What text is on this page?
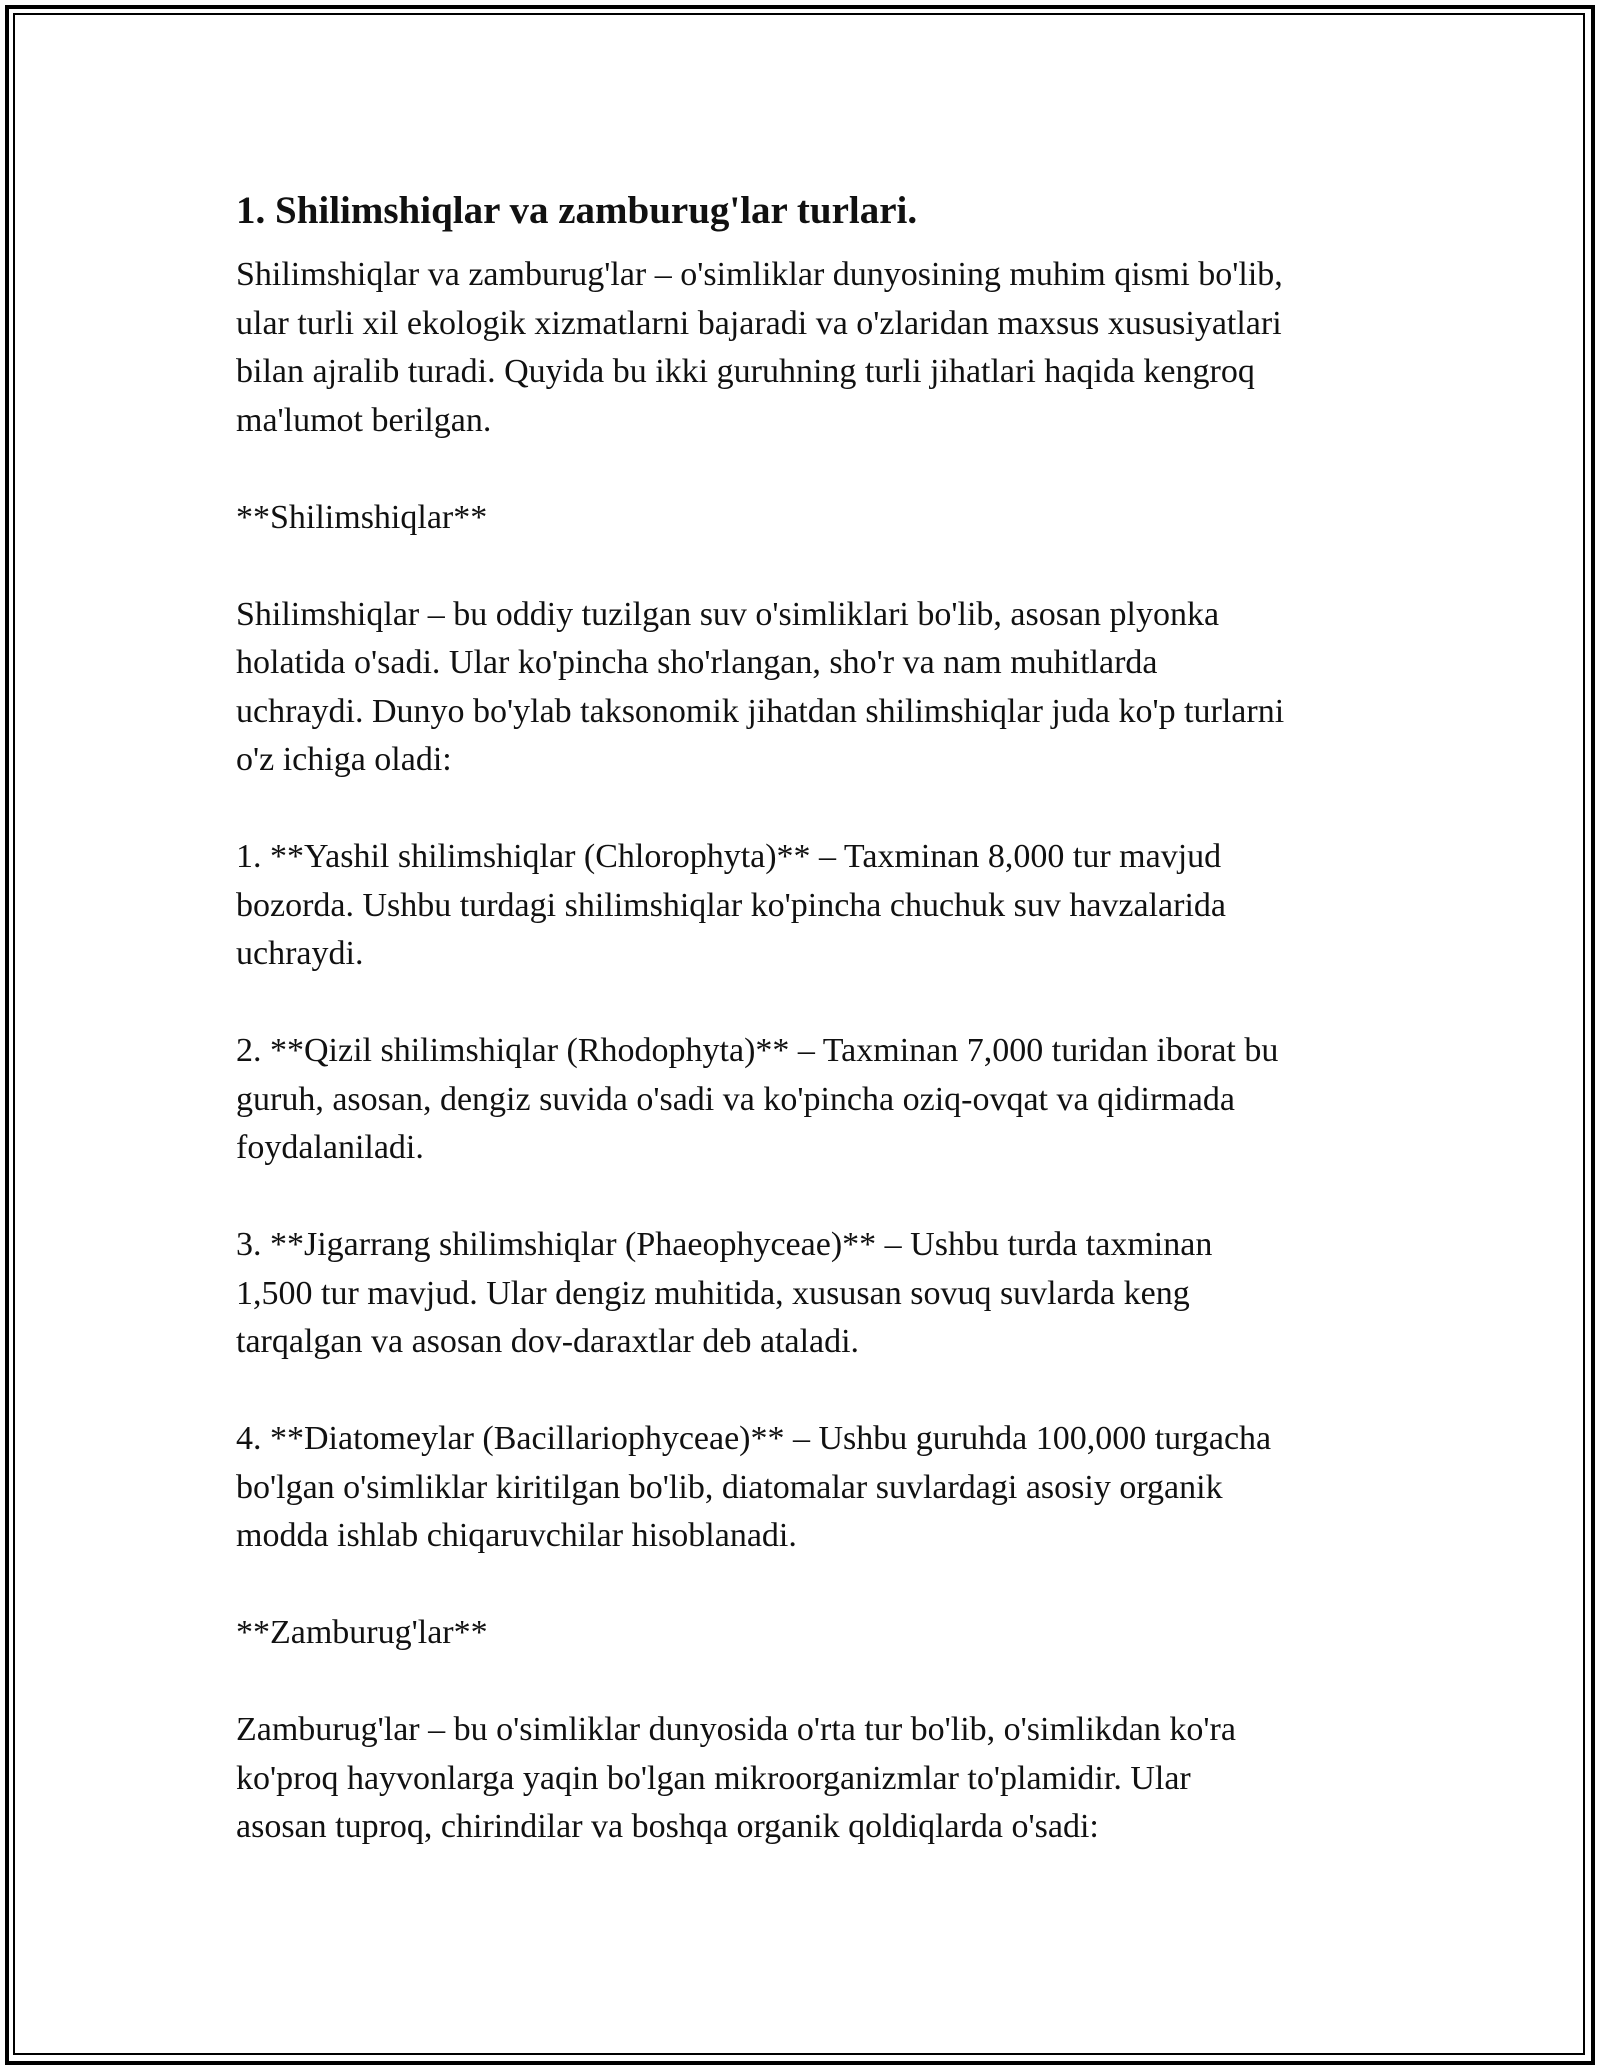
1. Shilimshiqlar va zamburug'lar turlari.

Shilimshiqlar va zamburug'lar – o'simliklar dunyosining muhim qismi bo'lib,
ular turli xil ekologik xizmatlarni bajaradi va o'zlaridan maxsus xususiyatlari
bilan ajralib turadi. Quyida bu ikki guruhning turli jihatlari haqida kengroq
ma'lumot berilgan.

**Shilimshiqlar**

Shilimshiqlar – bu oddiy tuzilgan suv o'simliklari bo'lib, asosan plyonka
holatida o'sadi. Ular ko'pincha sho'rlangan, sho'r va nam muhitlarda
uchraydi. Dunyo bo'ylab taksonomik jihatdan shilimshiqlar juda ko'p turlarni
o'z ichiga oladi:

1. **Yashil shilimshiqlar (Chlorophyta)** – Taxminan 8,000 tur mavjud
bozorda. Ushbu turdagi shilimshiqlar ko'pincha chuchuk suv havzalarida
uchraydi.

2. **Qizil shilimshiqlar (Rhodophyta)** – Taxminan 7,000 turidan iborat bu
guruh, asosan, dengiz suvida o'sadi va ko'pincha oziq-ovqat va qidirmada
foydalaniladi.

3. **Jigarrang shilimshiqlar (Phaeophyceae)** – Ushbu turda taxminan
1,500 tur mavjud. Ular dengiz muhitida, xususan sovuq suvlarda keng
tarqalgan va asosan dov-daraxtlar deb ataladi.

4. **Diatomeylar (Bacillariophyceae)** – Ushbu guruhda 100,000 turgacha
bo'lgan o'simliklar kiritilgan bo'lib, diatomalar suvlardagi asosiy organik
modda ishlab chiqaruvchilar hisoblanadi.

**Zamburug'lar**

Zamburug'lar – bu o'simliklar dunyosida o'rta tur bo'lib, o'simlikdan ko'ra
ko'proq hayvonlarga yaqin bo'lgan mikroorganizmlar to'plamidir. Ular
asosan tuproq, chirindilar va boshqa organik qoldiqlarda o'sadi:
